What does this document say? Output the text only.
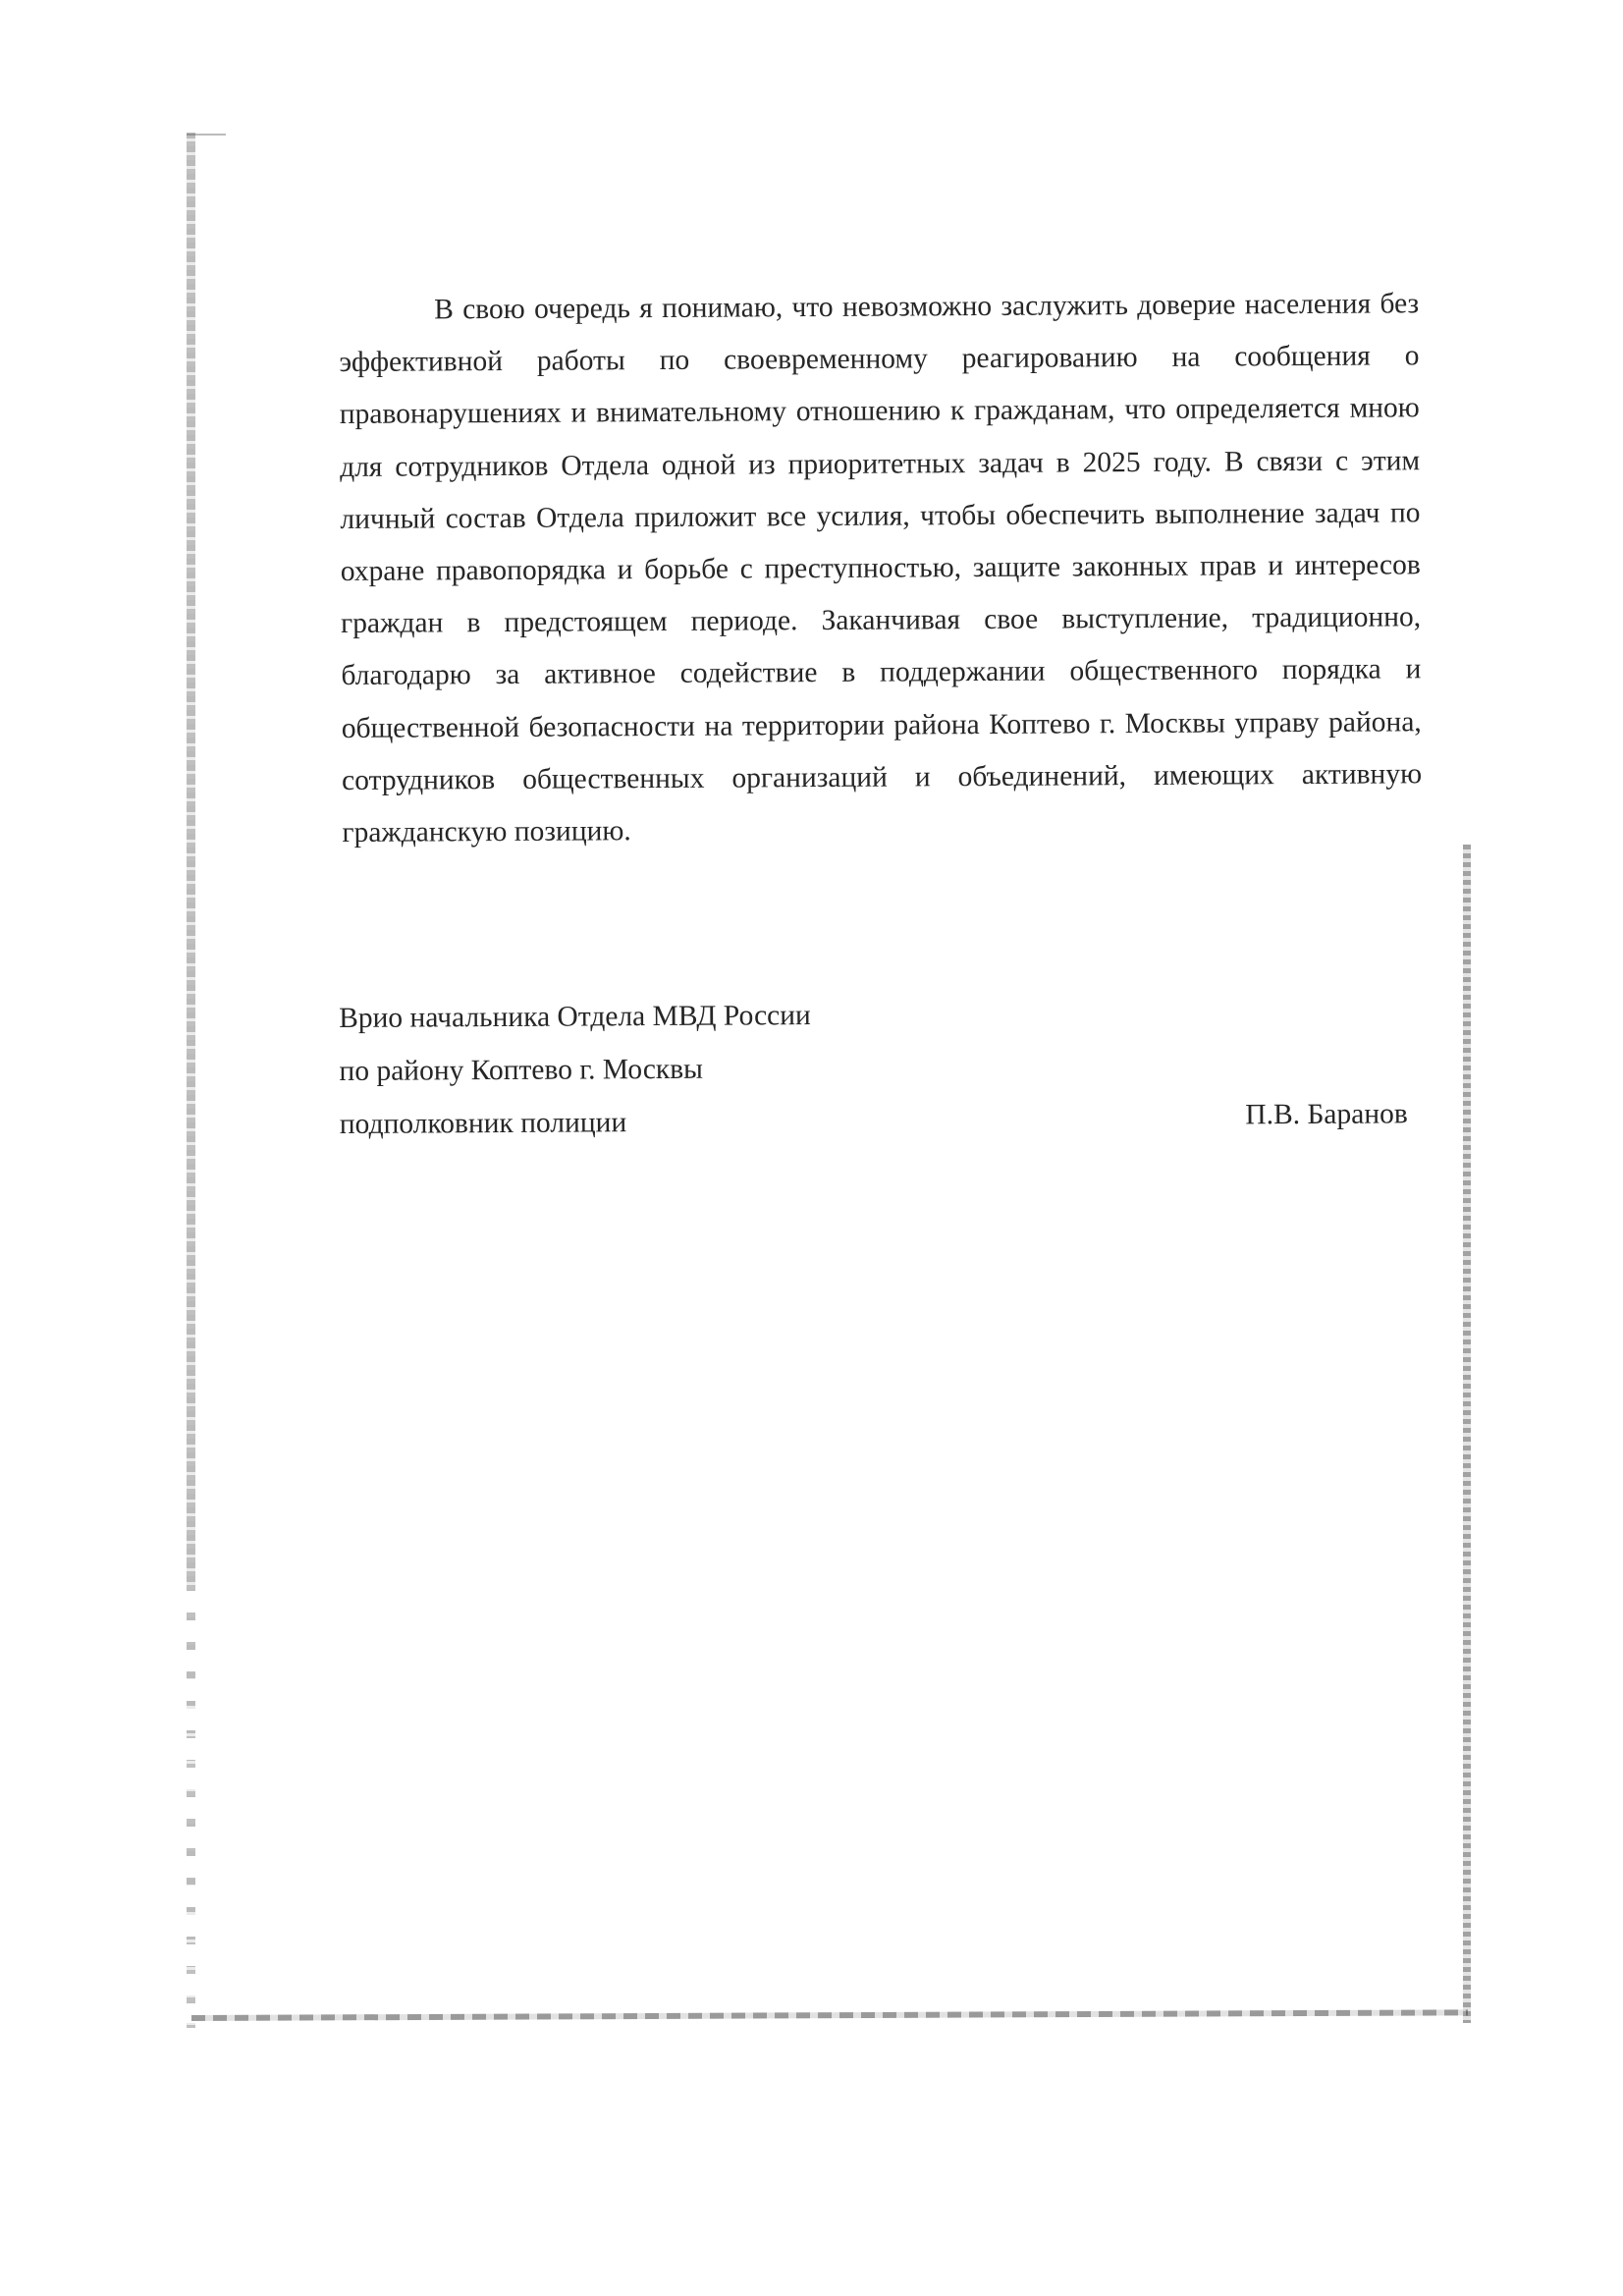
В свою очередь я понимаю, что невозможно заслужить доверие населения без эффективной работы по своевременному реагированию на сообщения о правонарушениях и внимательному отношению к гражданам, что определяется мною для сотрудников Отдела одной из приоритетных задач в 2025 году. В связи с этим личный состав Отдела приложит все усилия, чтобы обеспечить выполнение задач по охране правопорядка и борьбе с преступностью, защите законных прав и интересов граждан в предстоящем периоде. Заканчивая свое выступление, традиционно, благодарю за активное содействие в поддержании общественного порядка и общественной безопасности на территории района Коптево г. Москвы управу района, сотрудников общественных организаций и объединений, имеющих активную гражданскую позицию.

Врио начальника Отдела МВД России

по району Коптево г. Москвы

подполковник полиции	П.В. Баранов
